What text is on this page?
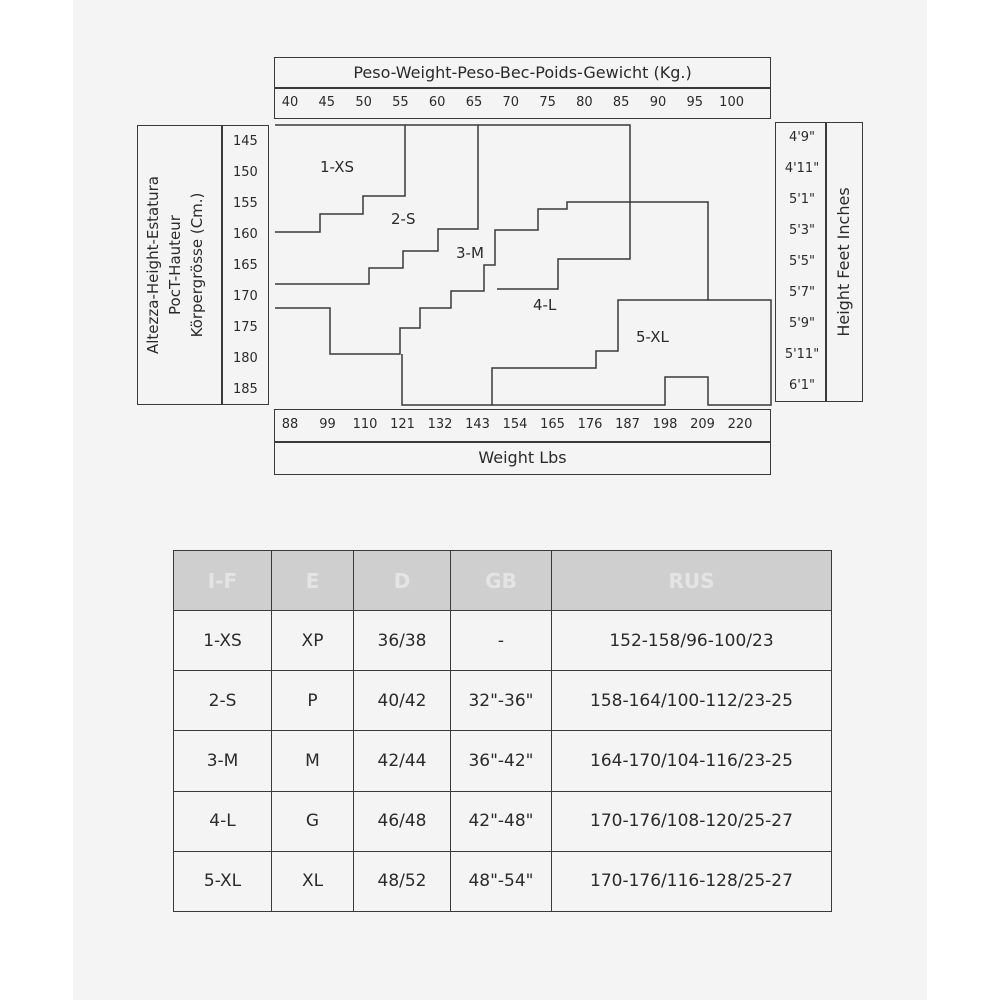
Peso-Weight-Peso-Bec-Poids-Gewicht (Kg.)
40 45 50 55 60 65 70 75 80 85 90 95 100
Altezza-Height-Estatura PocT-Hauteur Körpergrösse (Cm.)
145
150
155
160
165
170
175
180
185
4'9"
4'11"
5'1"
5'3"
5'5"
5'7"
5'9"
5'11"
6'1"
Height Feet Inches
1-XS
2-S
3-M
4-L
5-XL
88 99 110 121 132 143 154 165 176 187 198 209 220
Weight Lbs
I-F	E	D	GB	RUS
1-XS	XP	36/38	-	152-158/96-100/23
2-S	P	40/42	32"-36"	158-164/100-112/23-25
3-M	M	42/44	36"-42"	164-170/104-116/23-25
4-L	G	46/48	42"-48"	170-176/108-120/25-27
5-XL	XL	48/52	48"-54"	170-176/116-128/25-27
